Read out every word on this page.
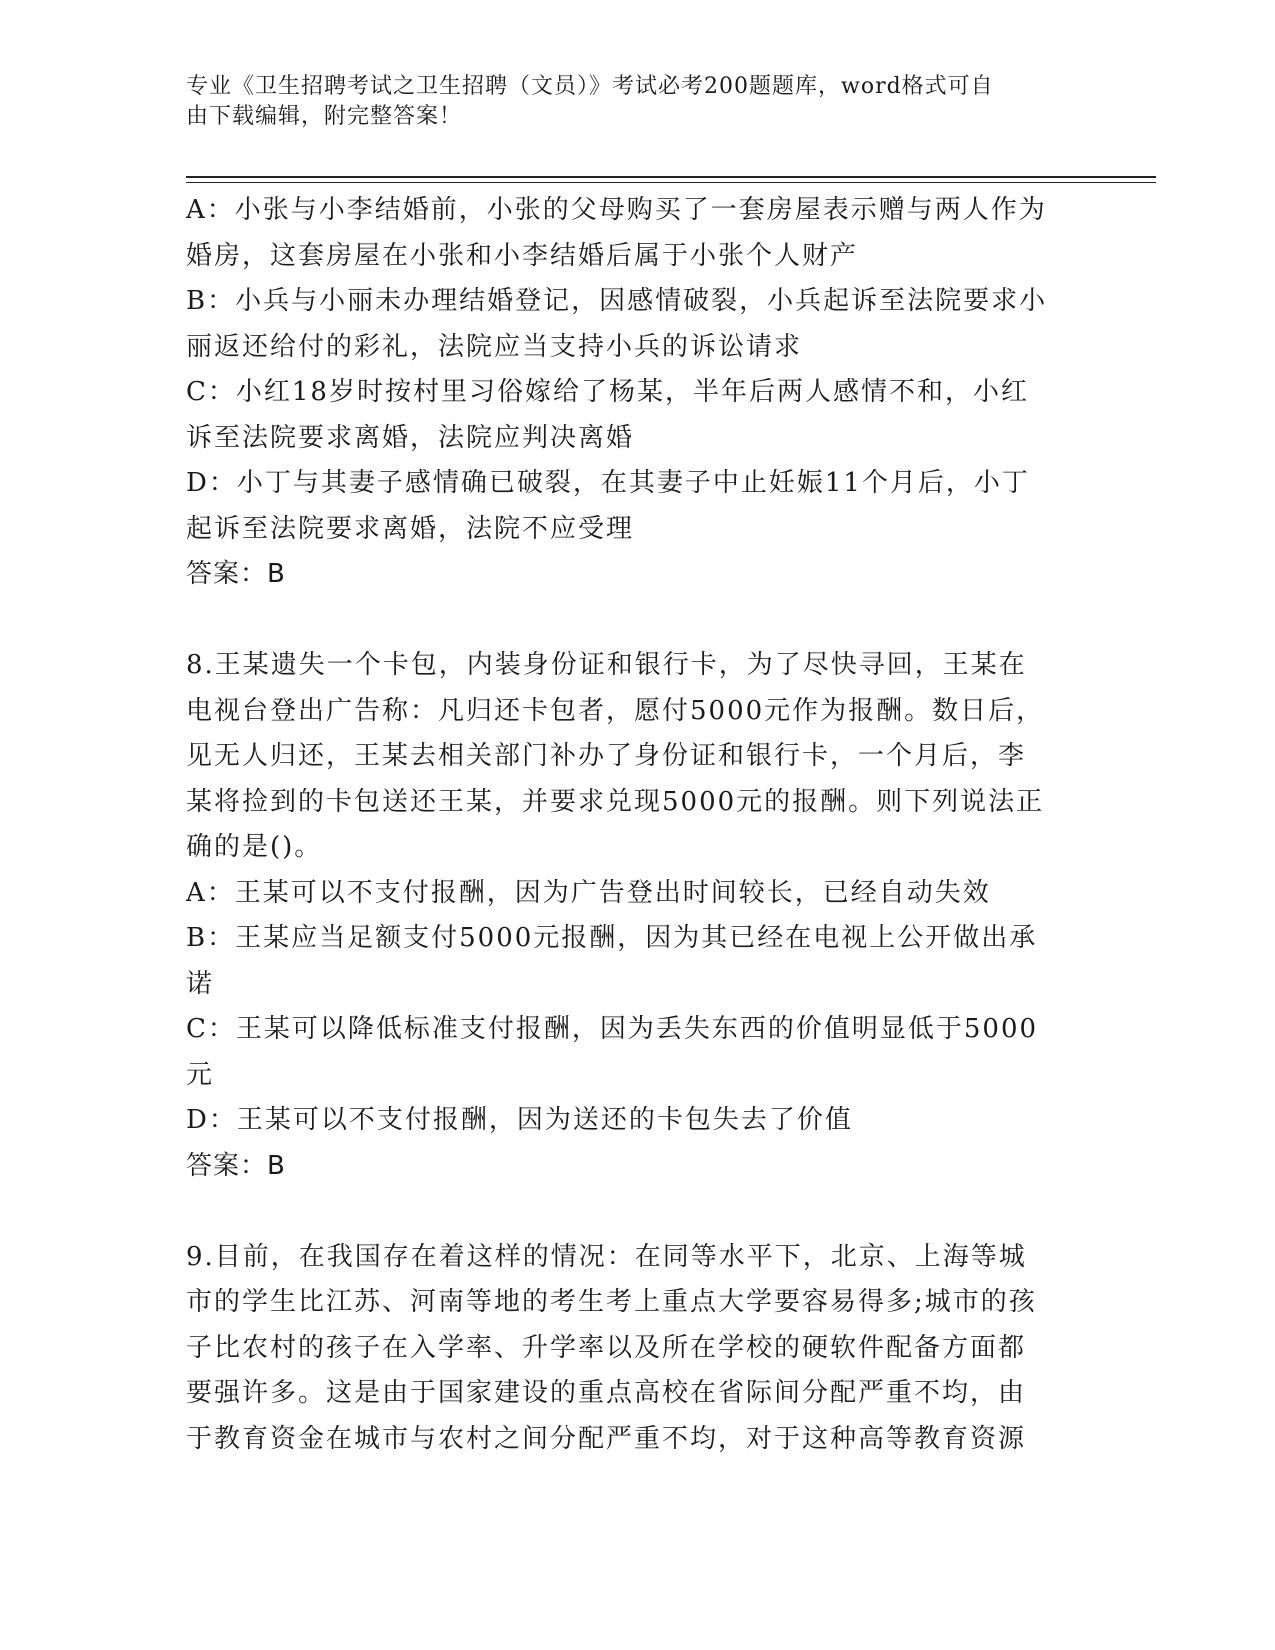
专业《卫生招聘考试之卫生招聘（文员）》考试必考200题题库，word格式可自
由下载编辑，附完整答案！
A：小张与小李结婚前，小张的父母购买了一套房屋表示赠与两人作为
婚房，这套房屋在小张和小李结婚后属于小张个人财产
B：小兵与小丽未办理结婚登记，因感情破裂，小兵起诉至法院要求小
丽返还给付的彩礼，法院应当支持小兵的诉讼请求
C：小红18岁时按村里习俗嫁给了杨某，半年后两人感情不和，小红
诉至法院要求离婚，法院应判决离婚
D：小丁与其妻子感情确已破裂，在其妻子中止妊娠11个月后，小丁
起诉至法院要求离婚，法院不应受理
答案：B
8.王某遗失一个卡包，内装身份证和银行卡，为了尽快寻回，王某在
电视台登出广告称：凡归还卡包者，愿付5000元作为报酬。数日后，
见无人归还，王某去相关部门补办了身份证和银行卡，一个月后，李
某将捡到的卡包送还王某，并要求兑现5000元的报酬。则下列说法正
确的是()。
A：王某可以不支付报酬，因为广告登出时间较长，已经自动失效
B：王某应当足额支付5000元报酬，因为其已经在电视上公开做出承
诺
C：王某可以降低标准支付报酬，因为丢失东西的价值明显低于5000
元
D：王某可以不支付报酬，因为送还的卡包失去了价值
答案：B
9.目前，在我国存在着这样的情况：在同等水平下，北京、上海等城
市的学生比江苏、河南等地的考生考上重点大学要容易得多;城市的孩
子比农村的孩子在入学率、升学率以及所在学校的硬软件配备方面都
要强许多。这是由于国家建设的重点高校在省际间分配严重不均，由
于教育资金在城市与农村之间分配严重不均，对于这种高等教育资源
